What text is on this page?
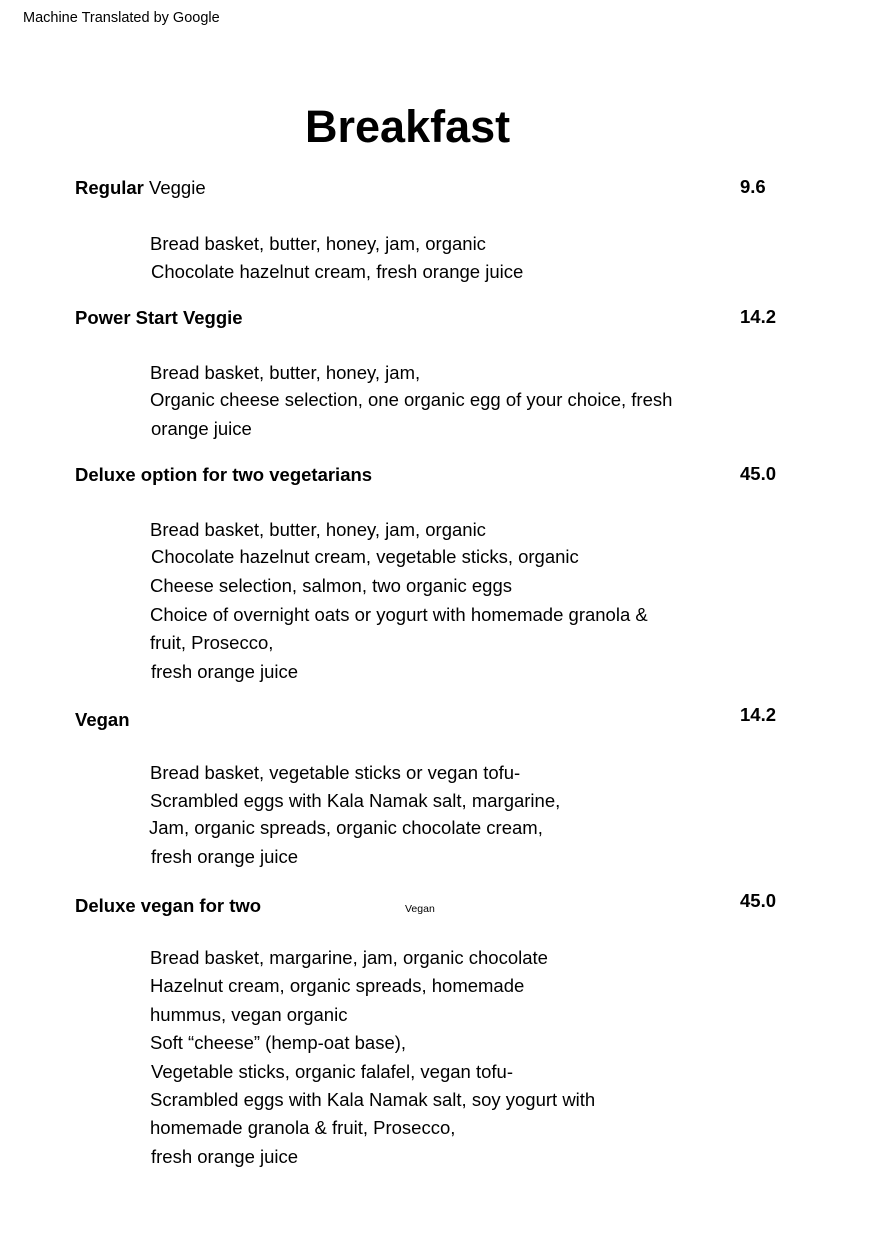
Machine Translated by Google
Breakfast
Regular Veggie	9.6
Bread basket, butter, honey, jam, organic
Chocolate hazelnut cream, fresh orange juice
Power Start Veggie	14.2
Bread basket, butter, honey, jam,
Organic cheese selection, one organic egg of your choice, fresh
orange juice
Deluxe option for two vegetarians	45.0
Bread basket, butter, honey, jam, organic
Chocolate hazelnut cream, vegetable sticks, organic
Cheese selection, salmon, two organic eggs
Choice of overnight oats or yogurt with homemade granola &
fruit, Prosecco,
fresh orange juice
Vegan	14.2
Bread basket, vegetable sticks or vegan tofu-
Scrambled eggs with Kala Namak salt, margarine,
Jam, organic spreads, organic chocolate cream,
fresh orange juice
Deluxe vegan for two	Vegan	45.0
Bread basket, margarine, jam, organic chocolate
Hazelnut cream, organic spreads, homemade
hummus, vegan organic
Soft “cheese” (hemp-oat base),
Vegetable sticks, organic falafel, vegan tofu-
Scrambled eggs with Kala Namak salt, soy yogurt with
homemade granola & fruit, Prosecco,
fresh orange juice
